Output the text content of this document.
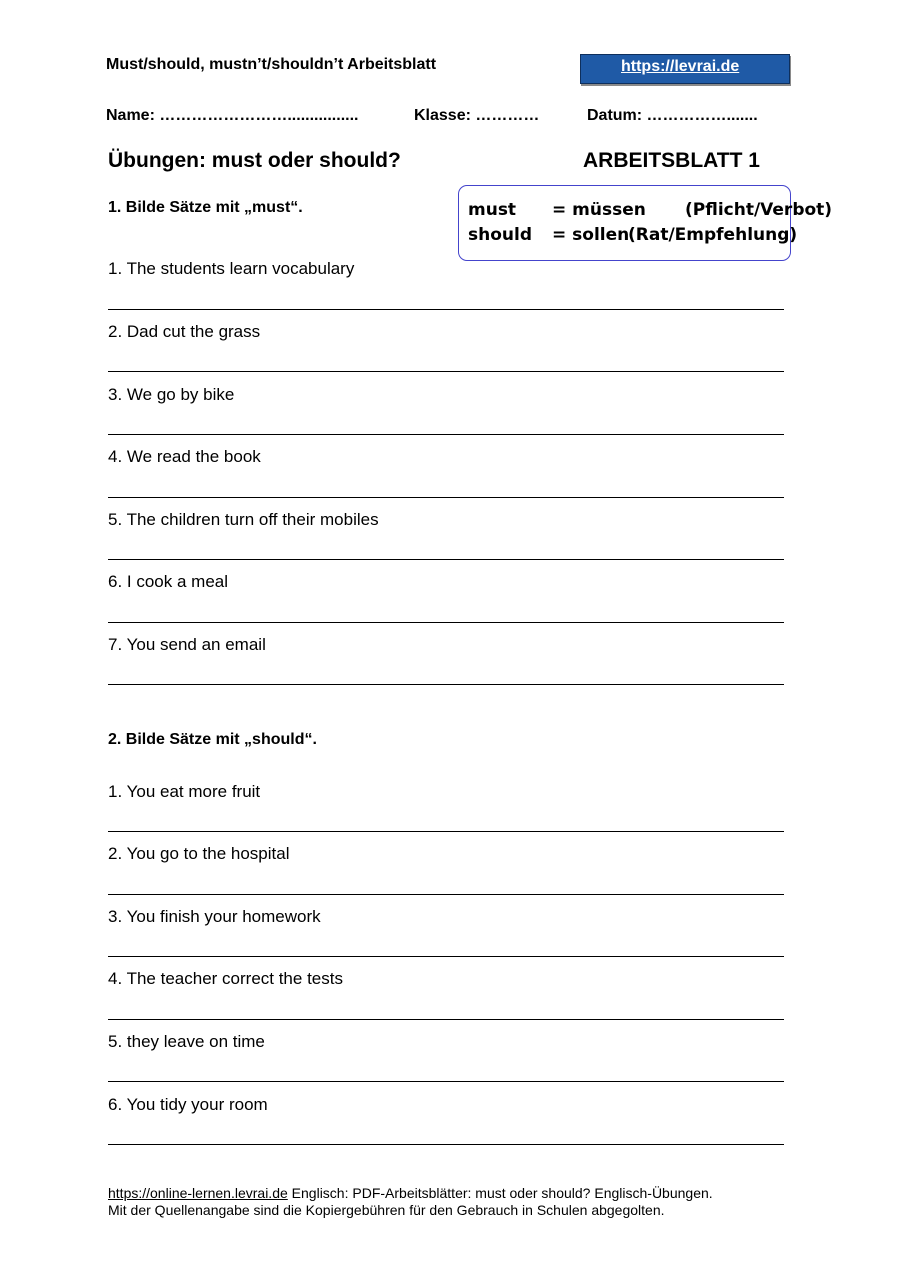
Must/should, mustn’t/shouldn’t Arbeitsblatt	https://levrai.de
Name: ……………………................	Klasse: …………	Datum: …………….......
Übungen: must oder should?	ARBEITSBLATT 1
must = müssen (Pflicht/Verbot)
should = sollen(Rat/Empfehlung)
1. Bilde Sätze mit „must“.
1. The students learn vocabulary
2. Dad cut the grass
3. We go by bike
4. We read the book
5. The children turn off their mobiles
6. I cook a meal
7. You send an email
2. Bilde Sätze mit „should“.
1. You eat more fruit
2. You go to the hospital
3. You finish your homework
4. The teacher correct the tests
5. they leave on time
6. You tidy your room
https://online-lernen.levrai.de Englisch: PDF-Arbeitsblätter: must oder should? Englisch-Übungen.
Mit der Quellenangabe sind die Kopiergebühren für den Gebrauch in Schulen abgegolten.
